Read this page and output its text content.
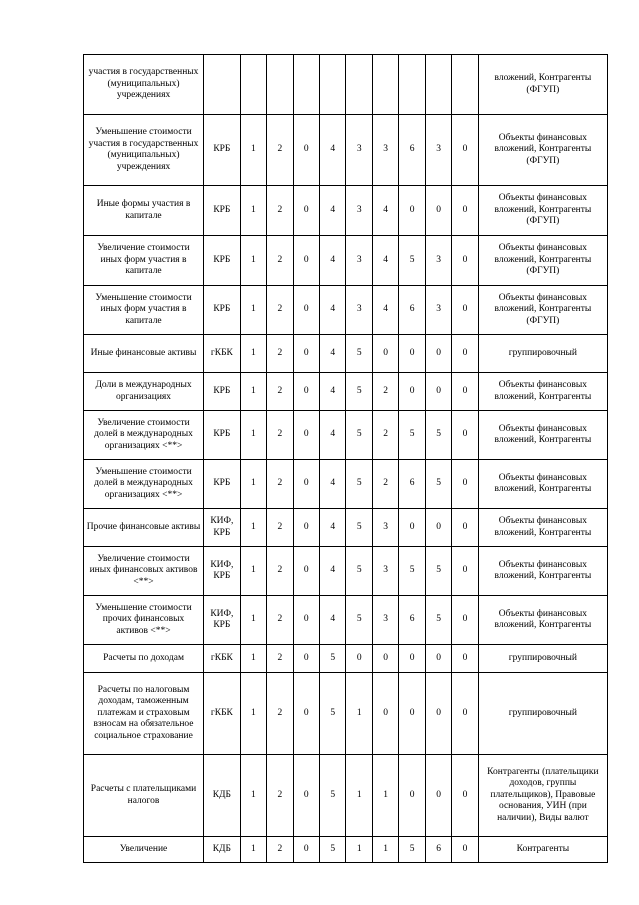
участия в государственных (муниципальных) учреждениях											вложений, Контрагенты (ФГУП)
Уменьшение стоимости участия в государственных (муниципальных) учреждениях	КРБ	1	2	0	4	3	3	6	3	0	Объекты финансовых вложений, Контрагенты (ФГУП)
Иные формы участия в капитале	КРБ	1	2	0	4	3	4	0	0	0	Объекты финансовых вложений, Контрагенты (ФГУП)
Увеличение стоимости иных форм участия в капитале	КРБ	1	2	0	4	3	4	5	3	0	Объекты финансовых вложений, Контрагенты (ФГУП)
Уменьшение стоимости иных форм участия в капитале	КРБ	1	2	0	4	3	4	6	3	0	Объекты финансовых вложений, Контрагенты (ФГУП)
Иные финансовые активы	гКБК	1	2	0	4	5	0	0	0	0	группировочный
Доли в международных организациях	КРБ	1	2	0	4	5	2	0	0	0	Объекты финансовых вложений, Контрагенты
Увеличение стоимости долей в международных организациях <**>	КРБ	1	2	0	4	5	2	5	5	0	Объекты финансовых вложений, Контрагенты
Уменьшение стоимости долей в международных организациях <**>	КРБ	1	2	0	4	5	2	6	5	0	Объекты финансовых вложений, Контрагенты
Прочие финансовые активы	КИФ, КРБ	1	2	0	4	5	3	0	0	0	Объекты финансовых вложений, Контрагенты
Увеличение стоимости иных финансовых активов <**>	КИФ, КРБ	1	2	0	4	5	3	5	5	0	Объекты финансовых вложений, Контрагенты
Уменьшение стоимости прочих финансовых активов <**>	КИФ, КРБ	1	2	0	4	5	3	6	5	0	Объекты финансовых вложений, Контрагенты
Расчеты по доходам	гКБК	1	2	0	5	0	0	0	0	0	группировочный
Расчеты по налоговым доходам, таможенным платежам и страховым взносам на обязательное социальное страхование	гКБК	1	2	0	5	1	0	0	0	0	группировочный
Расчеты с плательщиками налогов	КДБ	1	2	0	5	1	1	0	0	0	Контрагенты (плательщики доходов, группы плательщиков), Правовые основания, УИН (при наличии), Виды валют
Увеличение	КДБ	1	2	0	5	1	1	5	6	0	Контрагенты
